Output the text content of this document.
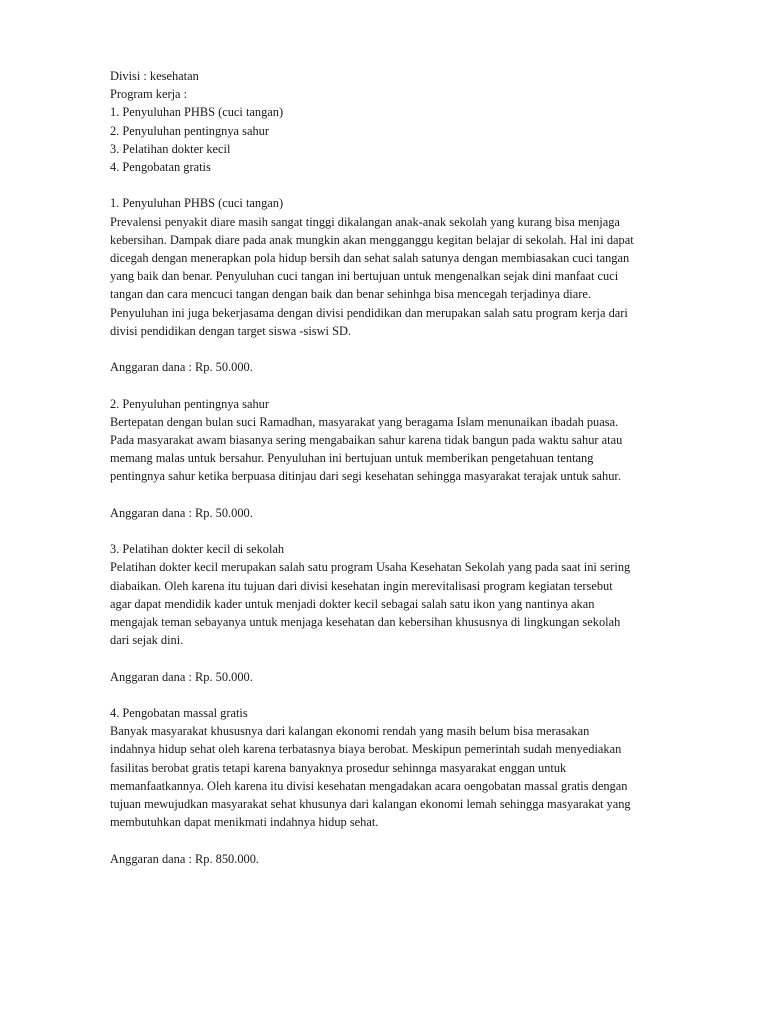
Divisi : kesehatan
Program kerja :
1. Penyuluhan PHBS (cuci tangan)
2. Penyuluhan pentingnya sahur
3. Pelatihan dokter kecil
4. Pengobatan gratis
1. Penyuluhan PHBS (cuci tangan)
Prevalensi penyakit diare masih sangat tinggi dikalangan anak-anak sekolah yang kurang bisa menjaga
kebersihan. Dampak diare pada anak mungkin akan mengganggu kegitan belajar di sekolah. Hal ini dapat
dicegah dengan menerapkan pola hidup bersih dan sehat salah satunya dengan membiasakan cuci tangan
yang baik dan benar. Penyuluhan cuci tangan ini bertujuan untuk mengenalkan sejak dini manfaat cuci
tangan dan cara mencuci tangan dengan baik dan benar sehinhga bisa mencegah terjadinya diare.
Penyuluhan ini juga bekerjasama dengan divisi pendidikan dan merupakan salah satu program kerja dari
divisi pendidikan dengan target siswa -siswi SD.
Anggaran dana : Rp. 50.000.
2. Penyuluhan pentingnya sahur
Bertepatan dengan bulan suci Ramadhan, masyarakat yang beragama Islam menunaikan ibadah puasa.
Pada masyarakat awam biasanya sering mengabaikan sahur karena tidak bangun pada waktu sahur atau
memang malas untuk bersahur. Penyuluhan ini bertujuan untuk memberikan pengetahuan tentang
pentingnya sahur ketika berpuasa ditinjau dari segi kesehatan sehingga masyarakat terajak untuk sahur.
Anggaran dana : Rp. 50.000.
3. Pelatihan dokter kecil di sekolah
Pelatihan dokter kecil merupakan salah satu program Usaha Kesehatan Sekolah yang pada saat ini sering
diabaikan. Oleh karena itu tujuan dari divisi kesehatan ingin merevitalisasi program kegiatan tersebut
agar dapat mendidik kader untuk menjadi dokter kecil sebagai salah satu ikon yang nantinya akan
mengajak teman sebayanya untuk menjaga kesehatan dan kebersihan khususnya di lingkungan sekolah
dari sejak dini.
Anggaran dana : Rp. 50.000.
4. Pengobatan massal gratis
Banyak masyarakat khususnya dari kalangan ekonomi rendah yang masih belum bisa merasakan
indahnya hidup sehat oleh karena terbatasnya biaya berobat. Meskipun pemerintah sudah menyediakan
fasilitas berobat gratis tetapi karena banyaknya prosedur sehinnga masyarakat enggan untuk
memanfaatkannya. Oleh karena itu divisi kesehatan mengadakan acara oengobatan massal gratis dengan
tujuan mewujudkan masyarakat sehat khusunya dari kalangan ekonomi lemah sehingga masyarakat yang
membutuhkan dapat menikmati indahnya hidup sehat.
Anggaran dana : Rp. 850.000.
